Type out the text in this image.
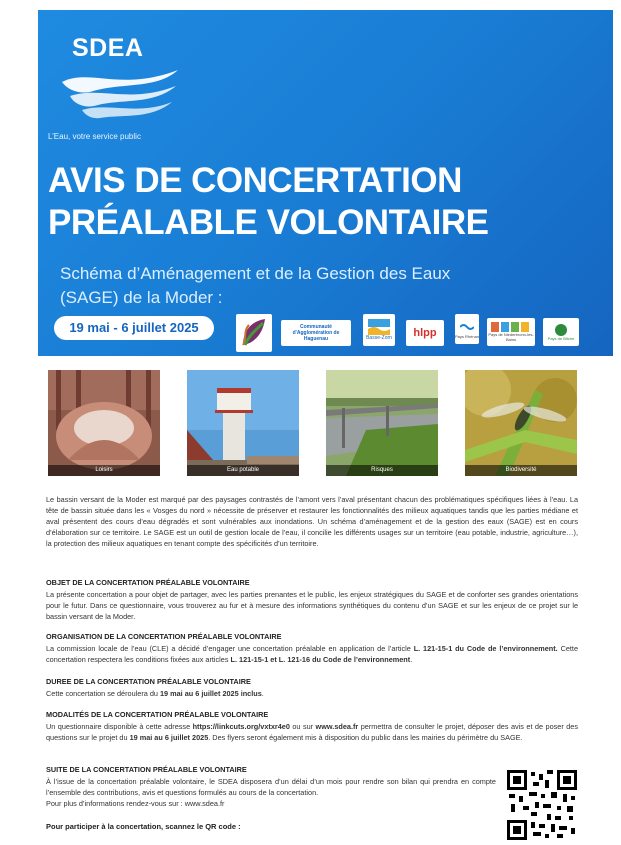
SDEA
L’Eau, votre service public
AVIS DE CONCERTATION
PRÉALABLE VOLONTAIRE
Schéma d’Aménagement et de la Gestion des Eaux
(SAGE) de la Moder :
19 mai - 6 juillet 2025	Communauté d'Agglomération de Haguenau	Basse-Zorn hlpp	Pays Rhénan	Pays de Niederbronn-les-Bains	Pays de Bitche
Loisirs	Eau potable	Risques	Biodiversité
Le bassin versant de la Moder est marqué par des paysages contrastés de l’amont vers l’aval présentant chacun des problématiques spécifiques liées à l’eau. La tête de bassin située dans les « Vosges du nord » nécessite de préserver et restaurer les fonctionnalités des milieux aquatiques tandis que les parties médiane et aval présentent des cours d’eau dégradés et sont vulnérables aux inondations. Un schéma d’aménagement et de la gestion des eaux (SAGE) est en cours d’élaboration sur ce territoire. Le SAGE est un outil de gestion locale de l’eau, il concilie les différents usages sur un territoire (eau potable, industrie, agriculture…), la protection des milieux aquatiques en tenant compte des spécificités d’un territoire.
OBJET DE LA CONCERTATION PRÉALABLE VOLONTAIRE
La présente concertation a pour objet de partager, avec les parties prenantes et le public, les enjeux stratégiques du SAGE et de conforter ses grandes orientations pour le futur. Dans ce questionnaire, vous trouverez au fur et à mesure des informations synthétiques du contenu d’un SAGE et sur les enjeux de ce projet sur le bassin versant de la Moder.
ORGANISATION DE LA CONCERTATION PRÉALABLE VOLONTAIRE
La commission locale de l’eau (CLE) a décidé d’engager une concertation préalable en application de l’article L. 121-15-1 du Code de l’environnement. Cette concertation respectera les conditions fixées aux articles L. 121-15-1 et L. 121-16 du Code de l’environnement.
DUREE DE LA CONCERTATION PRÉALABLE VOLONTAIRE
Cette concertation se déroulera du 19 mai au 6 juillet 2025 inclus.
MODALITÉS DE LA CONCERTATION PRÉALABLE VOLONTAIRE
Un questionnaire disponible à cette adresse https://linkcuts.org/vxtxr4e0 ou sur www.sdea.fr permettra de consulter le projet, déposer des avis et de poser des questions sur le projet du 19 mai au 6 juillet 2025. Des flyers seront également mis à disposition du public dans les mairies du périmètre du SAGE.
SUITE DE LA CONCERTATION PRÉALABLE VOLONTAIRE
À l’issue de la concertation préalable volontaire, le SDEA disposera d’un délai d’un mois pour rendre son bilan qui prendra en compte l’ensemble des contributions, avis et questions formulés au cours de la concertation.
Pour plus d’informations rendez-vous sur : www.sdea.fr
Pour participer à la concertation, scannez le QR code :
